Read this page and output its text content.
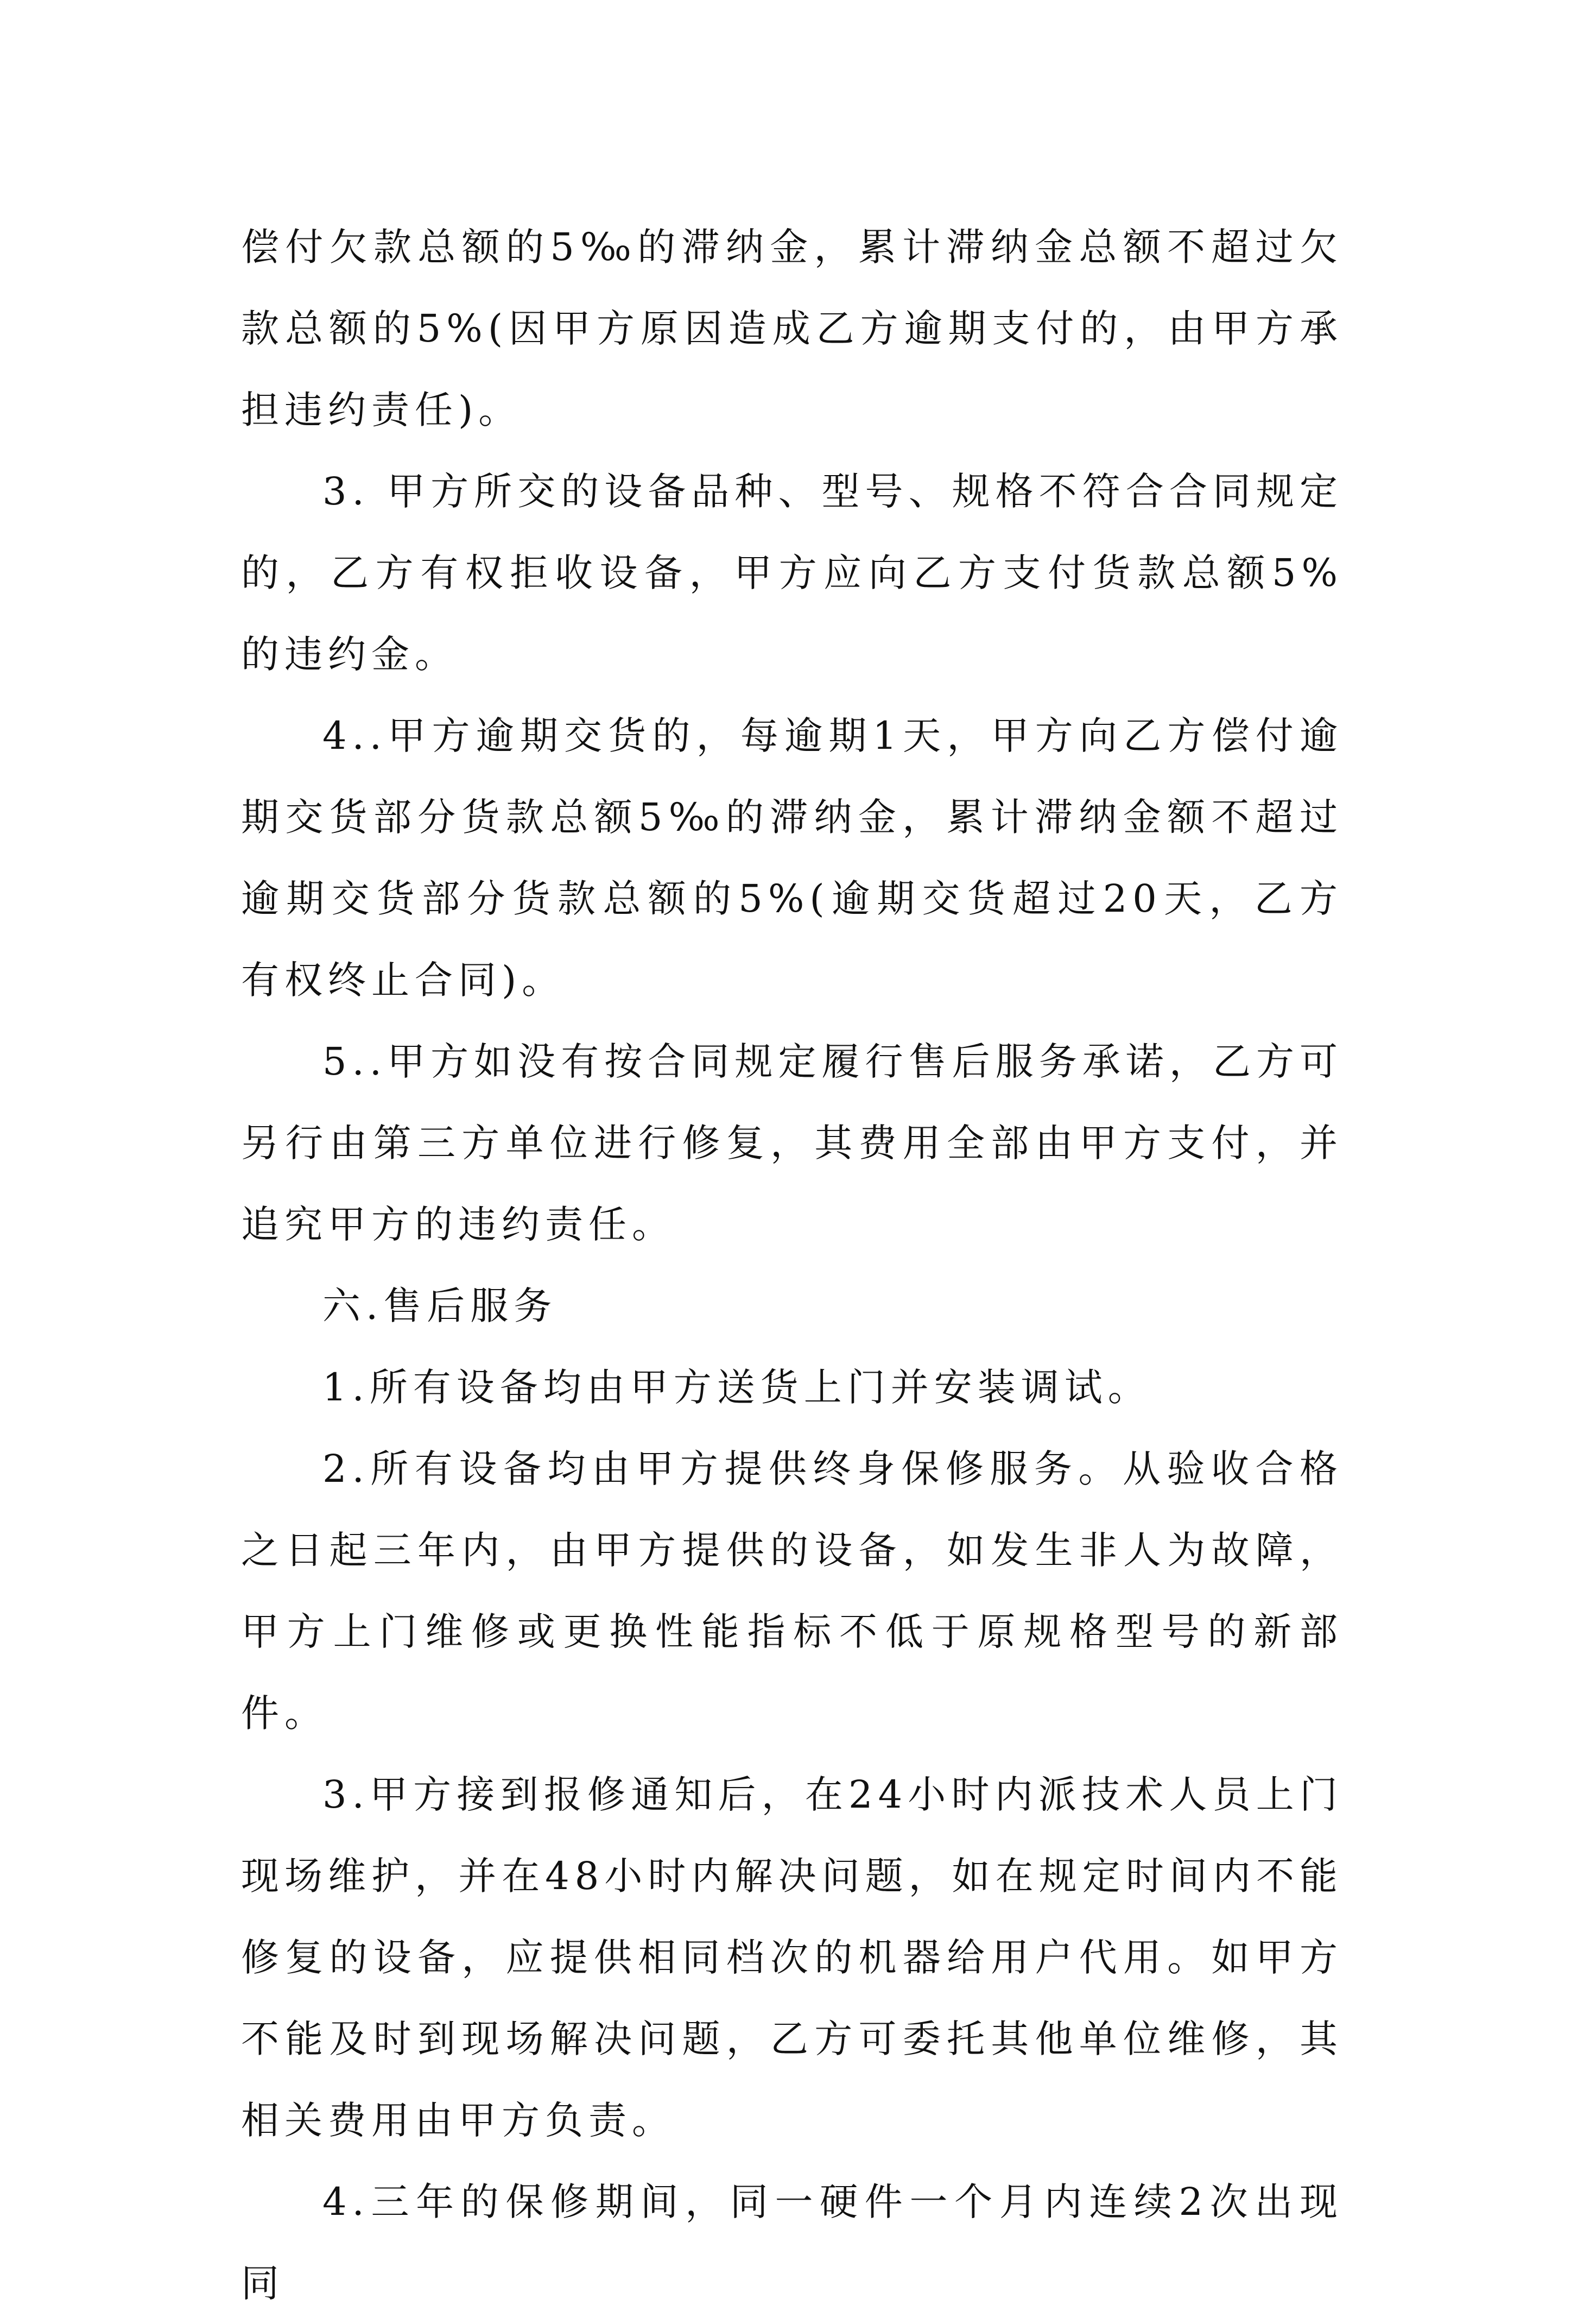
偿付欠款总额的5‰的滞纳金，累计滞纳金总额不超过欠款总额的5%(因甲方原因造成乙方逾期支付的，由甲方承担违约责任)。

3. 甲方所交的设备品种、型号、规格不符合合同规定的，乙方有权拒收设备，甲方应向乙方支付货款总额5%的违约金。

4..甲方逾期交货的，每逾期1天，甲方向乙方偿付逾期交货部分货款总额5‰的滞纳金，累计滞纳金额不超过逾期交货部分货款总额的5%(逾期交货超过20天，乙方有权终止合同)。

5..甲方如没有按合同规定履行售后服务承诺，乙方可另行由第三方单位进行修复，其费用全部由甲方支付，并追究甲方的违约责任。

六.售后服务

1.所有设备均由甲方送货上门并安装调试。

2.所有设备均由甲方提供终身保修服务。从验收合格之日起三年内，由甲方提供的设备，如发生非人为故障，甲方上门维修或更换性能指标不低于原规格型号的新部件。

3.甲方接到报修通知后，在24小时内派技术人员上门现场维护，并在48小时内解决问题，如在规定时间内不能修复的设备，应提供相同档次的机器给用户代用。如甲方不能及时到现场解决问题，乙方可委托其他单位维修，其相关费用由甲方负责。

4.三年的保修期间，同一硬件一个月内连续2次出现同
